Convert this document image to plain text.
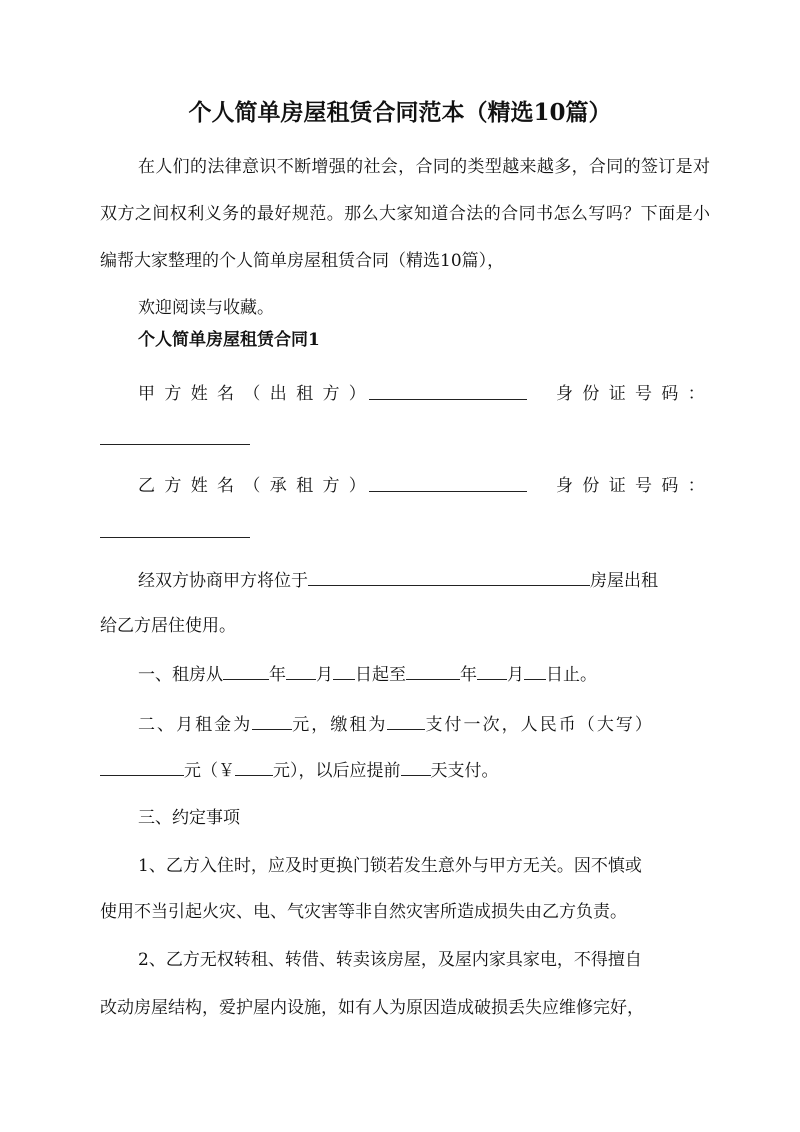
个人简单房屋租赁合同范本（精选10篇）
在人们的法律意识不断增强的社会，合同的类型越来越多，合同的签订是对双方之间权利义务的最好规范。那么大家知道合法的合同书怎么写吗？下面是小编帮大家整理的个人简单房屋租赁合同（精选10篇），
欢迎阅读与收藏。
个人简单房屋租赁合同1
甲方姓名（出租方）	身份证号码：
乙方姓名（承租方）	身份证号码：
经双方协商甲方将位于	房屋出租
给乙方居住使用。
一、租房从	年 月 日起至	年 月 日止。
二、月租金为 元，缴租为 支付一次，人民币（大写）
元（￥ 元），以后应提前 天支付。
三、约定事项
1、乙方入住时，应及时更换门锁若发生意外与甲方无关。因不慎或
使用不当引起火灾、电、气灾害等非自然灾害所造成损失由乙方负责。
2、乙方无权转租、转借、转卖该房屋，及屋内家具家电，不得擅自
改动房屋结构，爱护屋内设施，如有人为原因造成破损丢失应维修完好，
